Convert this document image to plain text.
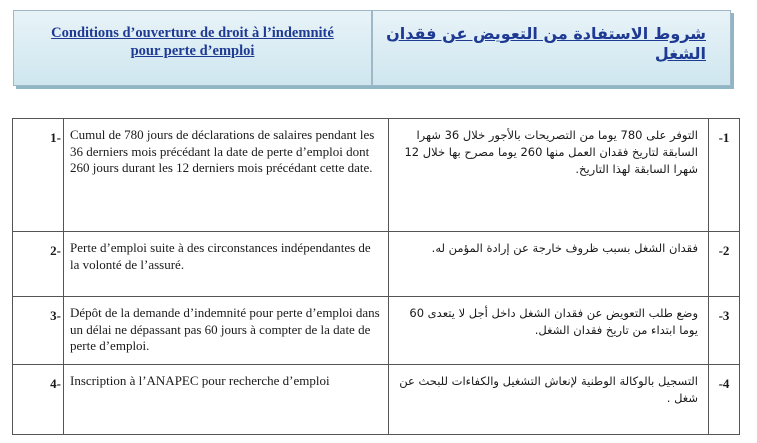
Conditions d’ouverture de droit à l’indemnité
pour perte d’emploi
شروط الاستفادة من التعويض عن فقدان الشغل
1-	Cumul de 780 jours de déclarations de salaires pendant les 36 derniers mois précédant la date de perte d’emploi dont 260 jours durant les 12 derniers mois précédant cette date.	التوفر على 780 يوما من التصريحات بالأجور خلال 36 شهرا السابقة لتاريخ فقدان العمل منها 260 يوما مصرح بها خلال 12 شهرا السابقة لهذا التاريخ.	-1
2-	Perte d’emploi suite à des circonstances indépendantes de la volonté de l’assuré.	فقدان الشغل بسبب ظروف خارجة عن إرادة المؤمن له.	-2
3-	Dépôt de la demande d’indemnité pour perte d’emploi dans un délai ne dépassant pas 60 jours à compter de la date de perte d’emploi.	وضع طلب التعويض عن فقدان الشغل داخل أجل لا يتعدى 60 يوما ابتداء من تاريخ فقدان الشغل.	-3
4-	Inscription à l’ANAPEC pour recherche d’emploi	التسجيل بالوكالة الوطنية لإنعاش التشغيل والكفاءات للبحث عن شغل .	-4
